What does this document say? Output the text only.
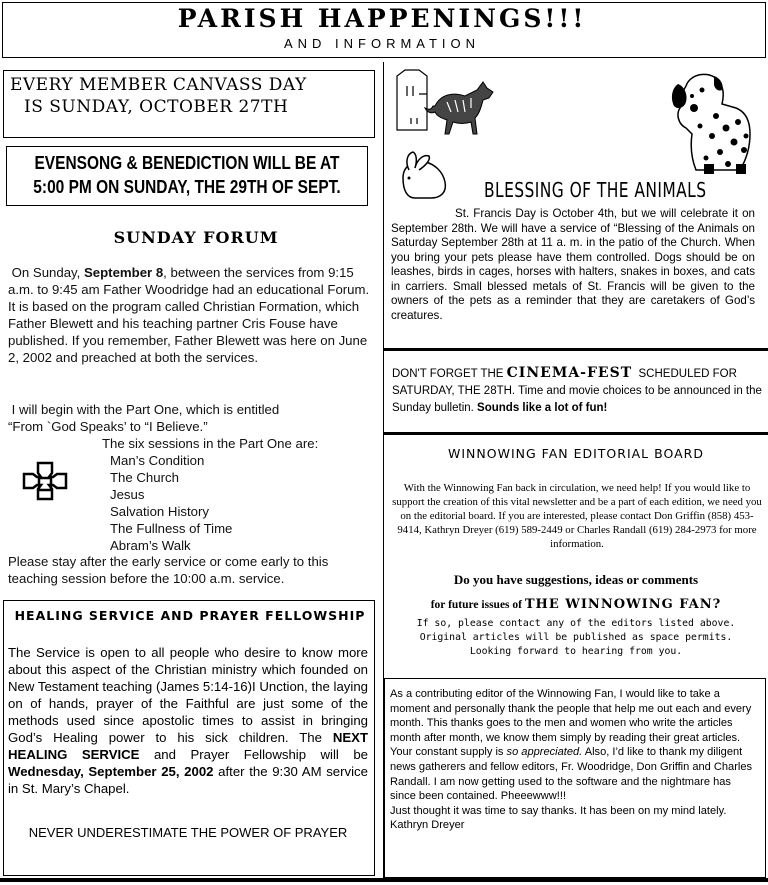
PARISH HAPPENINGS!!!
AND INFORMATION
EVERY MEMBER CANVASS DAY
IS SUNDAY, OCTOBER 27TH
EVENSONG & BENEDICTION WILL BE AT
5:00 PM ON SUNDAY, THE 29TH OF SEPT.
SUNDAY FORUM
On Sunday, September 8, between the services from 9:15 a.m. to 9:45 am Father Woodridge had an educational Forum. It is based on the program called Christian Formation, which Father Blewett and his teaching partner Cris Fouse have published. If you remember, Father Blewett was here on June 2, 2002 and preached at both the services.
I will begin with the Part One, which is entitled “From `God Speaks’ to “I Believe.”
The six sessions in the Part One are:
Man’s Condition
The Church
Jesus
Salvation History
The Fullness of Time
Abram’s Walk
Please stay after the early service or come early to this teaching session before the 10:00 a.m. service.
HEALING SERVICE AND PRAYER FELLOWSHIP
The Service is open to all people who desire to know more about this aspect of the Christian ministry which founded on New Testament teaching (James 5:14-16)I Unction, the laying on of hands, prayer of the Faithful are just some of the methods used since apostolic times to assist in bringing God’s Healing power to his sick children. The NEXT HEALING SERVICE and Prayer Fellowship will be Wednesday, September 25, 2002 after the 9:30 AM service in St. Mary’s Chapel.
NEVER UNDERESTIMATE THE POWER OF PRAYER
BLESSING OF THE ANIMALS
St. Francis Day is October 4th, but we will celebrate it on September 28th. We will have a service of “Blessing of the Animals on Saturday September 28th at 11 a. m. in the patio of the Church. When you bring your pets please have them controlled. Dogs should be on leashes, birds in cages, horses with halters, snakes in boxes, and cats in carriers. Small blessed metals of St. Francis will be given to the owners of the pets as a reminder that they are caretakers of God’s creatures.
DON'T FORGET THE CINEMA-FEST  SCHEDULED FOR SATURDAY, THE 28TH. Time and movie choices to be announced in the Sunday bulletin. Sounds like a lot of fun!
WINNOWING FAN EDITORIAL BOARD
With the Winnowing Fan back in circulation, we need help! If you would like to support the creation of this vital newsletter and be a part of each edition, we need you on the editorial board. If you are interested, please contact Don Griffin (858) 453-9414, Kathryn Dreyer (619) 589-2449 or Charles Randall (619) 284-2973 for more information.
Do you have suggestions, ideas or comments
for future issues of THE WINNOWING FAN?
If so, please contact any of the editors listed above.
Original articles will be published as space permits.
Looking forward to hearing from you.
As a contributing editor of the Winnowing Fan, I would like to take a moment and personally thank the people that help me out each and every month. This thanks goes to the men and women who write the articles month after month, we know them simply by reading their great articles. Your constant supply is so appreciated. Also, I’d like to thank my diligent news gatherers and fellow editors, Fr. Woodridge, Don Griffin and Charles Randall. I am now getting used to the software and the nightmare has since been contained. Pheeewww!!!
Just thought it was time to say thanks. It has been on my mind lately.
Kathryn Dreyer
